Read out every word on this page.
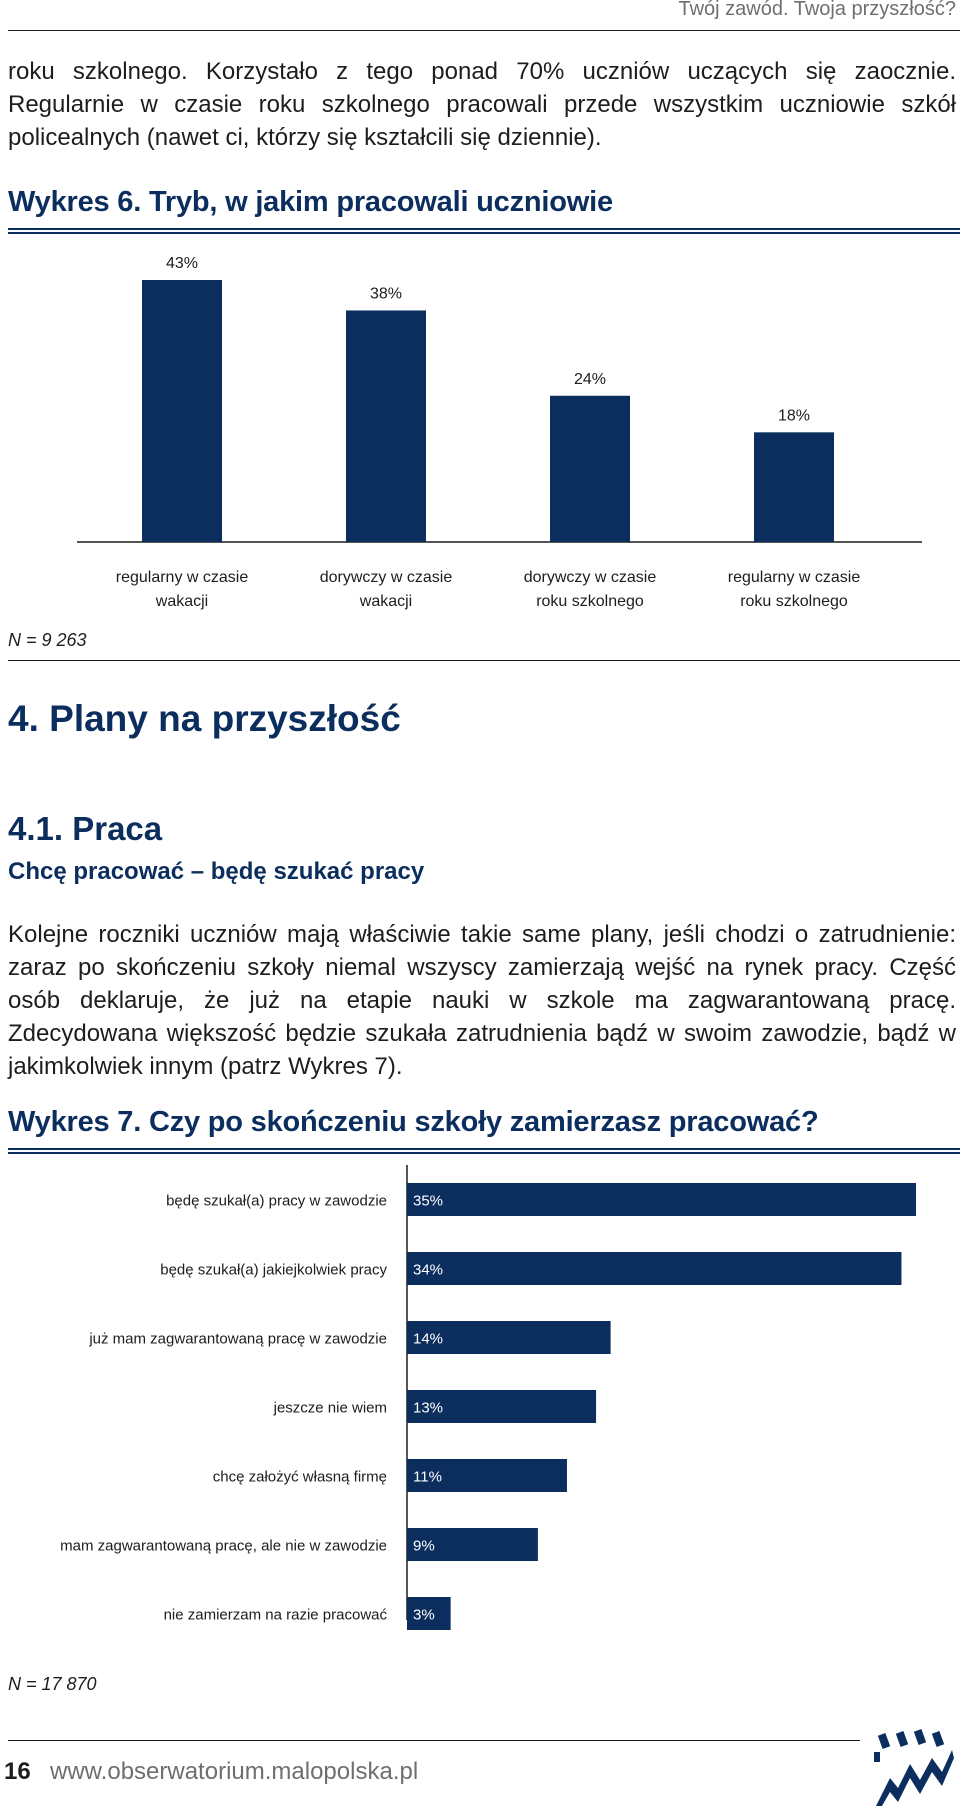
Twój zawód. Twoja przyszłość?
roku szkolnego. Korzystało z tego ponad 70% uczniów uczących się zaocznie. Regularnie w czasie roku szkolnego pracowali przede wszystkim uczniowie szkół policealnych (nawet ci, którzy się kształcili się dziennie).
Wykres 6. Tryb, w jakim pracowali uczniowie
43%
regularny w czasie
wakacji
38%
dorywczy w czasie
wakacji
24%
dorywczy w czasie
roku szkolnego
18%
regularny w czasie
roku szkolnego
N = 9 263
4. Plany na przyszłość
4.1. Praca
Chcę pracować – będę szukać pracy
Kolejne roczniki uczniów mają właściwie takie same plany, jeśli chodzi o zatrudnienie: zaraz po skończeniu szkoły niemal wszyscy zamierzają wejść na rynek pracy. Część osób deklaruje, że już na etapie nauki w szkole ma zagwarantowaną pracę. Zdecydowana większość będzie szukała zatrudnienia bądź w swoim zawodzie, bądź w jakimkolwiek innym (patrz Wykres 7).
Wykres 7. Czy po skończeniu szkoły zamierzasz pracować?
35%
będę szukał(a) pracy w zawodzie
34%
będę szukał(a) jakiejkolwiek pracy
14%
już mam zagwarantowaną pracę w zawodzie
13%
jeszcze nie wiem
11%
chcę założyć własną firmę
9%
mam zagwarantowaną pracę, ale nie w zawodzie
3%
nie zamierzam na razie pracować
N = 17 870
16 www.obserwatorium.malopolska.pl
